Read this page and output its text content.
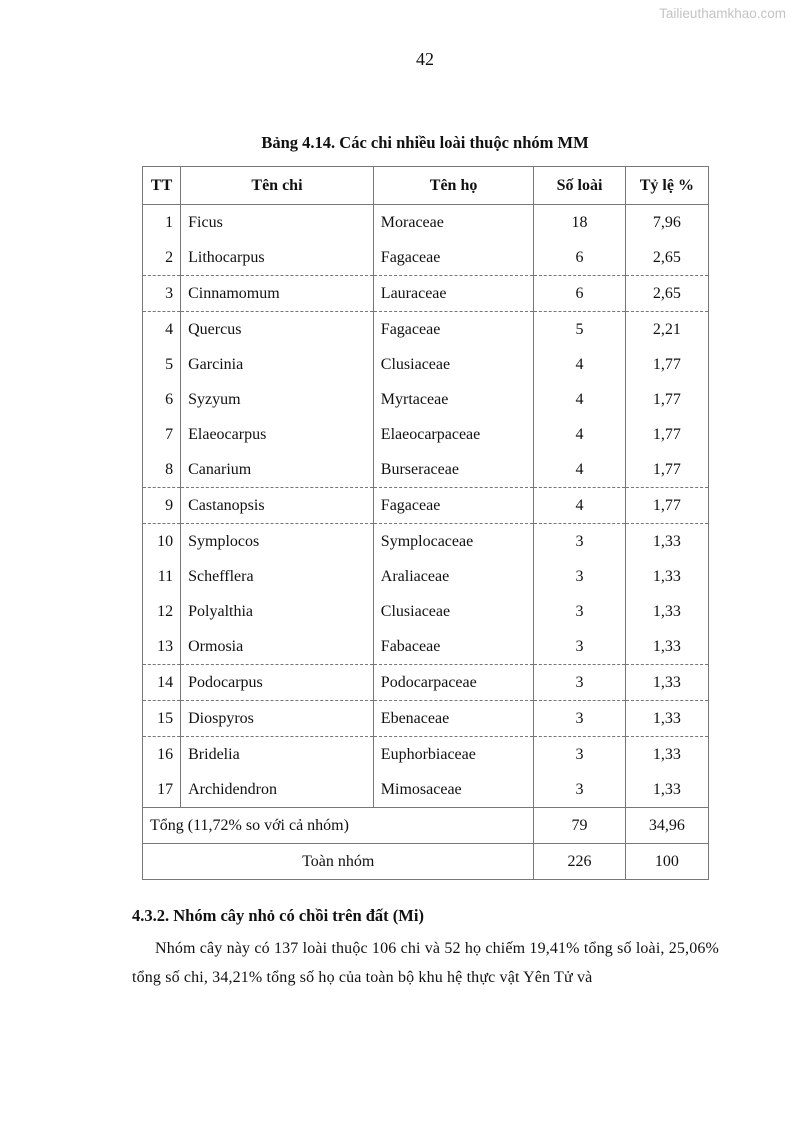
Tailieuthamkhao.com
42
Bảng 4.14. Các chi nhiều loài thuộc nhóm MM
TT	Tên chi	Tên họ	Số loài	Tỷ lệ %
1	Ficus	Moraceae	18	7,96
2	Lithocarpus	Fagaceae	6	2,65
3	Cinnamomum	Lauraceae	6	2,65
4	Quercus	Fagaceae	5	2,21
5	Garcinia	Clusiaceae	4	1,77
6	Syzyum	Myrtaceae	4	1,77
7	Elaeocarpus	Elaeocarpaceae	4	1,77
8	Canarium	Burseraceae	4	1,77
9	Castanopsis	Fagaceae	4	1,77
10	Symplocos	Symplocaceae	3	1,33
11	Schefflera	Araliaceae	3	1,33
12	Polyalthia	Clusiaceae	3	1,33
13	Ormosia	Fabaceae	3	1,33
14	Podocarpus	Podocarpaceae	3	1,33
15	Diospyros	Ebenaceae	3	1,33
16	Bridelia	Euphorbiaceae	3	1,33
17	Archidendron	Mimosaceae	3	1,33
Tổng (11,72% so với cả nhóm)			79	34,96
Toàn nhóm			226	100
4.3.2. Nhóm cây nhỏ có chồi trên đất (Mi)
Nhóm cây này có 137 loài thuộc 106 chi và 52 họ chiếm 19,41% tổng số loài, 25,06% tổng số chi, 34,21% tổng số họ của toàn bộ khu hệ thực vật Yên Tử và
